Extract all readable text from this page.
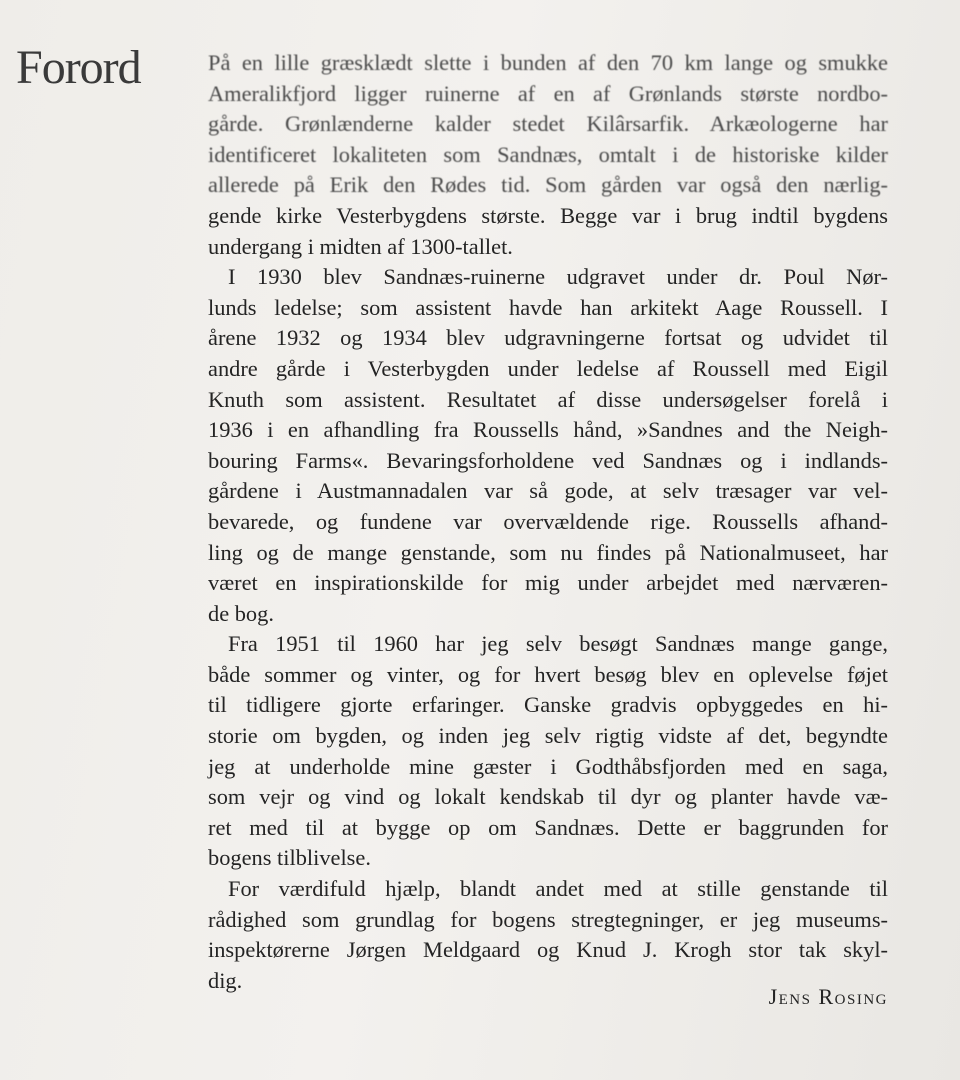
Forord	På en lille græsklædt slette i bunden af den 70 km lange og smukke
Ameralikfjord ligger ruinerne af en af Grønlands største nordbo-
gårde. Grønlænderne kalder stedet Kilârsarfik. Arkæologerne har
identificeret lokaliteten som Sandnæs, omtalt i de historiske kilder
allerede på Erik den Rødes tid. Som gården var også den nærlig-
gende kirke Vesterbygdens største. Begge var i brug indtil bygdens
undergang i midten af 1300-tallet.
I 1930 blev Sandnæs-ruinerne udgravet under dr. Poul Nør-
lunds ledelse; som assistent havde han arkitekt Aage Roussell. I
årene 1932 og 1934 blev udgravningerne fortsat og udvidet til
andre gårde i Vesterbygden under ledelse af Roussell med Eigil
Knuth som assistent. Resultatet af disse undersøgelser forelå i
1936 i en afhandling fra Roussells hånd, »Sandnes and the Neigh-
bouring Farms«. Bevaringsforholdene ved Sandnæs og i indlands-
gårdene i Austmannadalen var så gode, at selv træsager var vel-
bevarede, og fundene var overvældende rige. Roussells afhand-
ling og de mange genstande, som nu findes på Nationalmuseet, har
været en inspirationskilde for mig under arbejdet med nærværen-
de bog.
Fra 1951 til 1960 har jeg selv besøgt Sandnæs mange gange,
både sommer og vinter, og for hvert besøg blev en oplevelse føjet
til tidligere gjorte erfaringer. Ganske gradvis opbyggedes en hi-
storie om bygden, og inden jeg selv rigtig vidste af det, begyndte
jeg at underholde mine gæster i Godthåbsfjorden med en saga,
som vejr og vind og lokalt kendskab til dyr og planter havde væ-
ret med til at bygge op om Sandnæs. Dette er baggrunden for
bogens tilblivelse.
For værdifuld hjælp, blandt andet med at stille genstande til
rådighed som grundlag for bogens stregtegninger, er jeg museums-
inspektørerne Jørgen Meldgaard og Knud J. Krogh stor tak skyl-
dig.
Jens Rosing
